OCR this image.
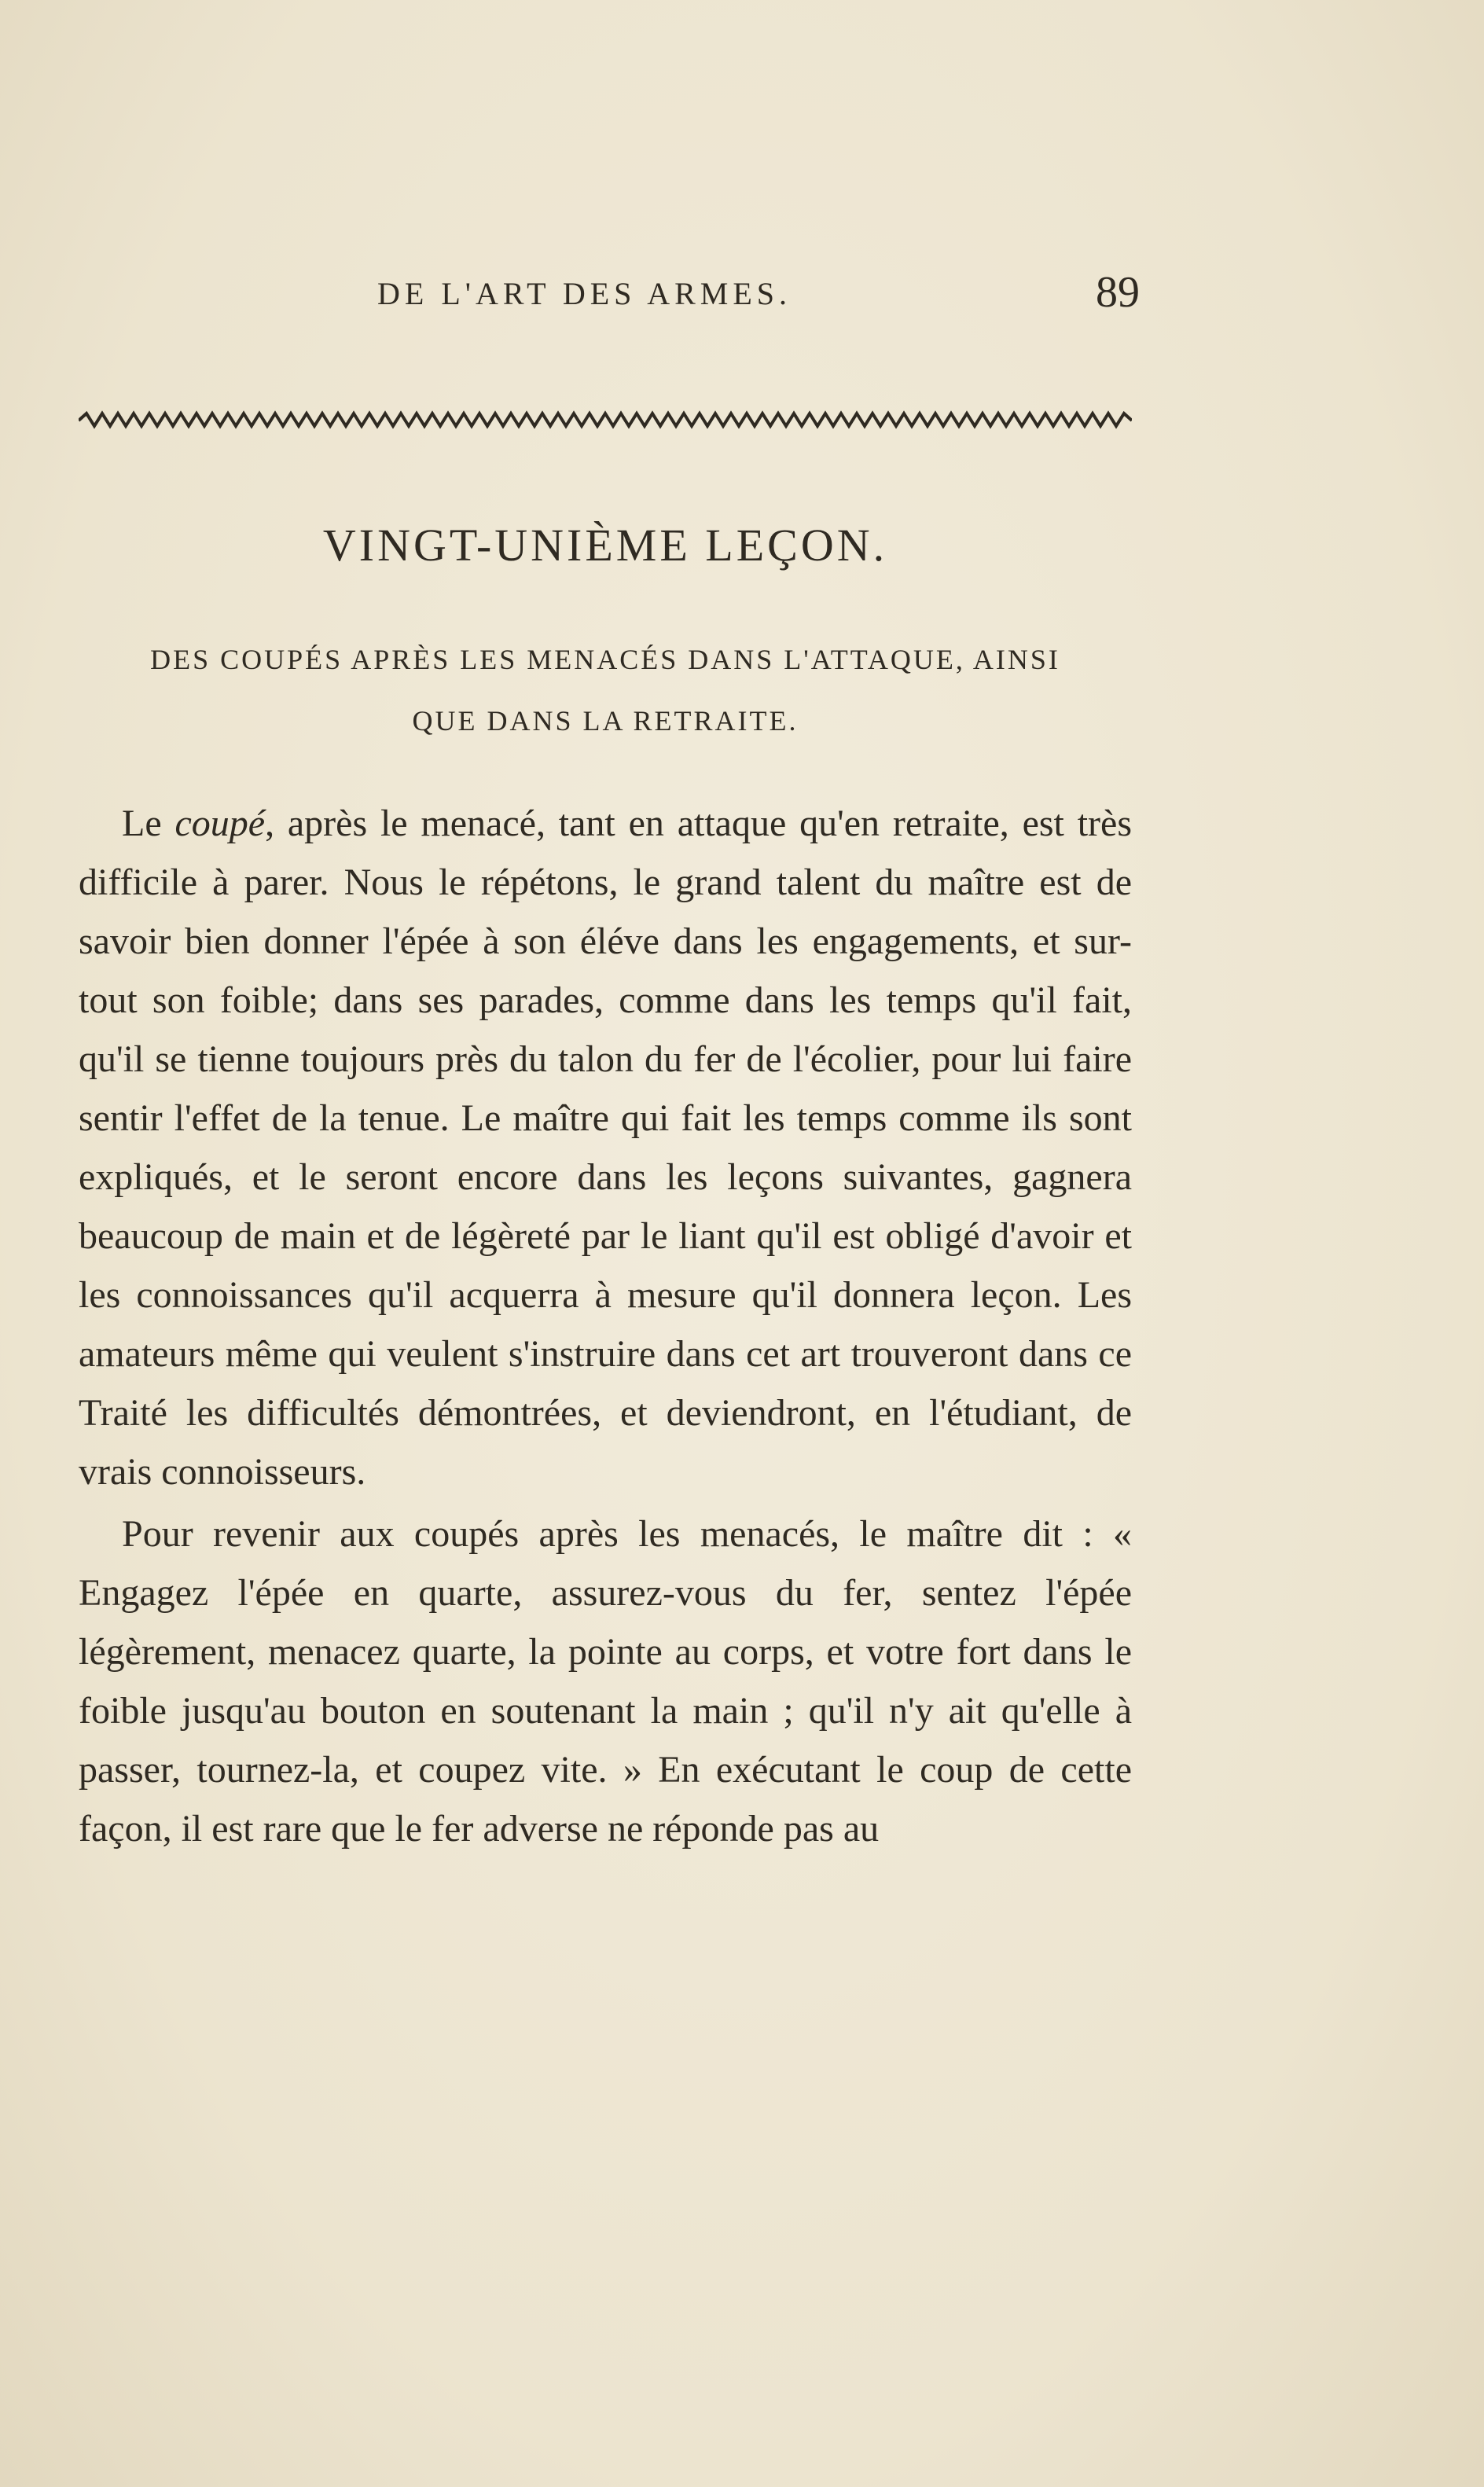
DE L'ART DES ARMES.	89
VINGT-UNIÈME LEÇON.
DES COUPÉS APRÈS LES MENACÉS DANS L'ATTAQUE, AINSI
QUE DANS LA RETRAITE.

Le coupé, après le menacé, tant en attaque qu'en retraite, est très difficile à parer. Nous le répétons, le grand talent du maître est de savoir bien donner l'épée à son éléve dans les engagements, et sur-tout son foible; dans ses parades, comme dans les temps qu'il fait, qu'il se tienne toujours près du talon du fer de l'écolier, pour lui faire sentir l'effet de la tenue. Le maître qui fait les temps comme ils sont expliqués, et le seront encore dans les leçons suivantes, gagnera beaucoup de main et de légèreté par le liant qu'il est obligé d'avoir et les connoissances qu'il acquerra à mesure qu'il donnera leçon. Les amateurs même qui veulent s'instruire dans cet art trouveront dans ce Traité les difficultés démontrées, et deviendront, en l'étudiant, de vrais connoisseurs.

Pour revenir aux coupés après les menacés, le maître dit : « Engagez l'épée en quarte, assurez-vous du fer, sentez l'épée légèrement, menacez quarte, la pointe au corps, et votre fort dans le foible jusqu'au bouton en soutenant la main ; qu'il n'y ait qu'elle à passer, tournez-la, et coupez vite. » En exécutant le coup de cette façon, il est rare que le fer adverse ne réponde pas au
